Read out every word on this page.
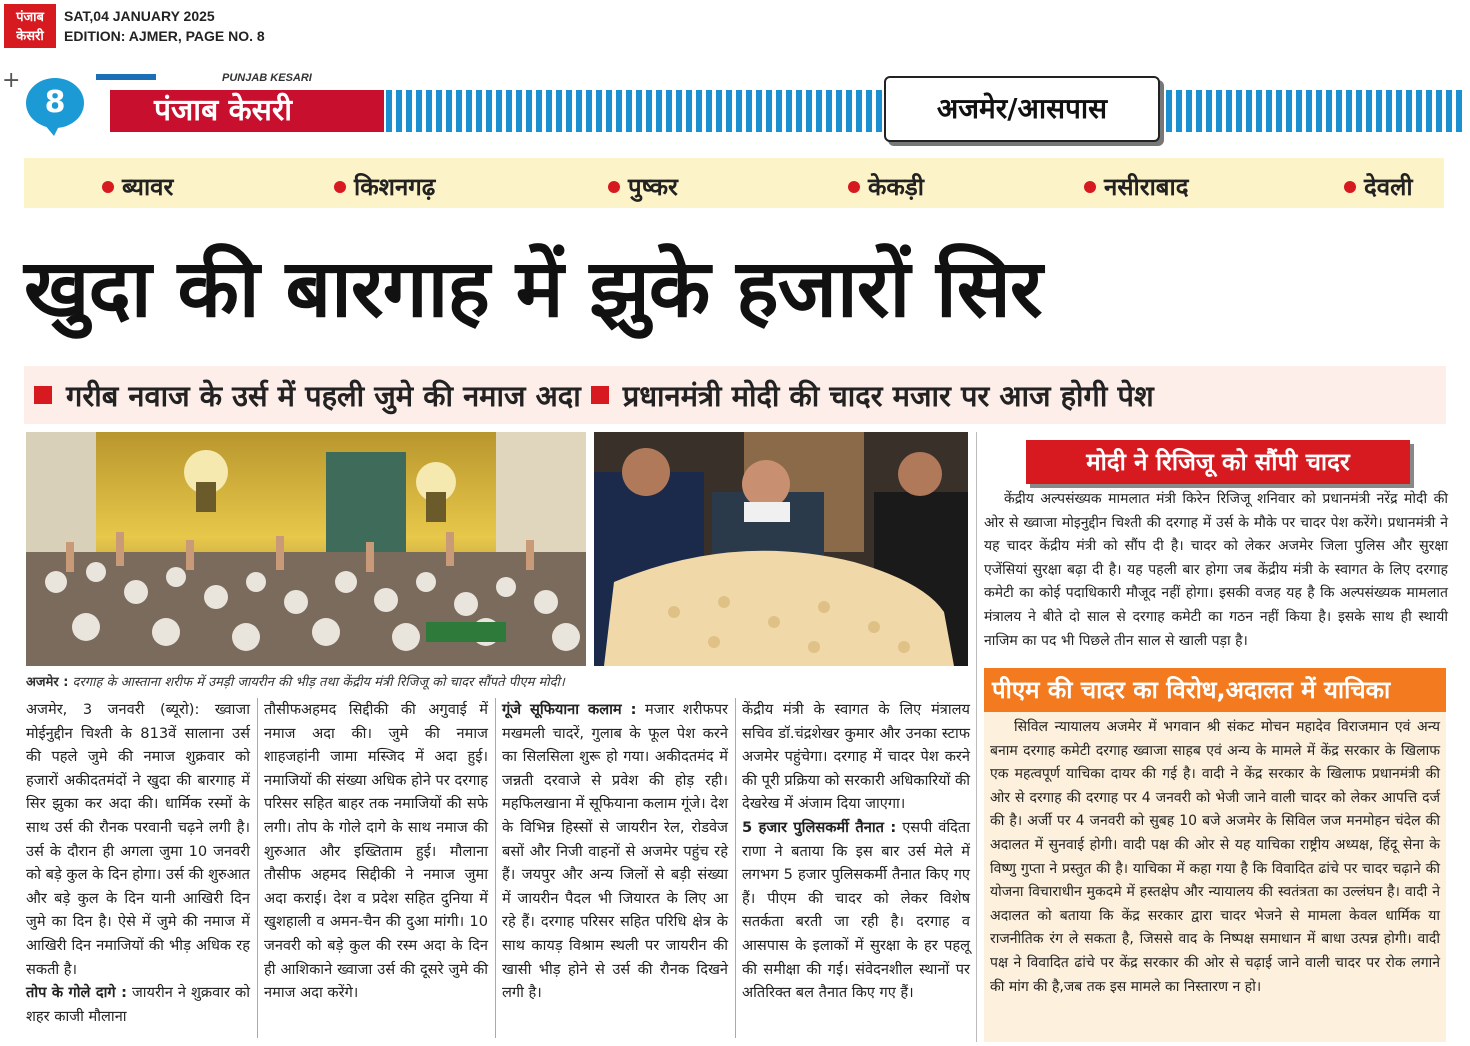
पंजाब
केसरी
SAT,04 JANUARY 2025
EDITION: AJMER, PAGE NO. 8
+
8
PUNJAB KESARI
पंजाब केसरी	अजमेर/आसपास
ब्यावर	किशनगढ़	पुष्कर	केकड़ी	नसीराबाद	देवली
खुदा की बारगाह में झुके हजारों सिर
गरीब नवाज के उर्स में पहली जुमे की नमाज अदा प्रधानमंत्री मोदी की चादर मजार पर आज होगी पेश
अजमेर : दरगाह के आस्ताना शरीफ में उमड़ी जायरीन की भीड़ तथा केंद्रीय मंत्री रिजिजू को चादर सौंपते पीएम मोदी।

अजमेर, 3 जनवरी (ब्यूरो): ख्वाजा मोईनुद्दीन चिश्ती के 813वें सालाना उर्स की पहले जुमे की नमाज शुक्रवार को हजारों अकीदतमंदों ने खुदा की बारगाह में सिर झुका कर अदा की। धार्मिक रस्मों के साथ उर्स की रौनक परवानी चढ़ने लगी है। उर्स के दौरान ही अगला जुमा 10 जनवरी को बड़े कुल के दिन होगा। उर्स की शुरुआत और बड़े कुल के दिन यानी आखिरी दिन जुमे का दिन है। ऐसे में जुमे की नमाज में आखिरी दिन नमाजियों की भीड़ अधिक रह सकती है।

तोप के गोले दागे : जायरीन ने शुक्रवार को शहर काजी मौलाना

तौसीफअहमद सिद्दीकी की अगुवाई में नमाज अदा की। जुमे की नमाज शाहजहांनी जामा मस्जिद में अदा हुई। नमाजियों की संख्या अधिक होने पर दरगाह परिसर सहित बाहर तक नमाजियों की सफे लगी। तोप के गोले दागे के साथ नमाज की शुरुआत और इख्तिताम हुई। मौलाना तौसीफ अहमद सिद्दीकी ने नमाज जुमा अदा कराई। देश व प्रदेश सहित दुनिया में खुशहाली व अमन-चैन की दुआ मांगी। 10 जनवरी को बड़े कुल की रस्म अदा के दिन ही आशिकाने ख्वाजा उर्स की दूसरे जुमे की नमाज अदा करेंगे।

गूंजे सूफियाना कलाम : मजार शरीफपर मखमली चादरें, गुलाब के फूल पेश करने का सिलसिला शुरू हो गया। अकीदतमंद में जन्नती दरवाजे से प्रवेश की होड़ रही। महफिलखाना में सूफियाना कलाम गूंजे। देश के विभिन्न हिस्सों से जायरीन रेल, रोडवेज बसों और निजी वाहनों से अजमेर पहुंच रहे हैं। जयपुर और अन्य जिलों से बड़ी संख्या में जायरीन पैदल भी जियारत के लिए आ रहे हैं। दरगाह परिसर सहित परिधि क्षेत्र के साथ कायड़ विश्राम स्थली पर जायरीन की खासी भीड़ होने से उर्स की रौनक दिखने लगी है।

केंद्रीय मंत्री के स्वागत के लिए मंत्रालय सचिव डॉ.चंद्रशेखर कुमार और उनका स्टाफ अजमेर पहुंचेगा। दरगाह में चादर पेश करने की पूरी प्रक्रिया को सरकारी अधिकारियों की देखरेख में अंजाम दिया जाएगा।

5 हजार पुलिसकर्मी तैनात : एसपी वंदिता राणा ने बताया कि इस बार उर्स मेले में लगभग 5 हजार पुलिसकर्मी तैनात किए गए हैं। पीएम की चादर को लेकर विशेष सतर्कता बरती जा रही है। दरगाह व आसपास के इलाकों में सुरक्षा के हर पहलू की समीक्षा की गई। संवेदनशील स्थानों पर अतिरिक्त बल तैनात किए गए हैं।

मोदी ने रिजिजू को सौंपी चादर
केंद्रीय अल्पसंख्यक मामलात मंत्री किरेन रिजिजू शनिवार को प्रधानमंत्री नरेंद्र मोदी की ओर से ख्वाजा मोइनुद्दीन चिश्ती की दरगाह में उर्स के मौके पर चादर पेश करेंगे। प्रधानमंत्री ने यह चादर केंद्रीय मंत्री को सौंप दी है। चादर को लेकर अजमेर जिला पुलिस और सुरक्षा एजेंसियां सुरक्षा बढ़ा दी है। यह पहली बार होगा जब केंद्रीय मंत्री के स्वागत के लिए दरगाह कमेटी का कोई पदाधिकारी मौजूद नहीं होगा। इसकी वजह यह है कि अल्पसंख्यक मामलात मंत्रालय ने बीते दो साल से दरगाह कमेटी का गठन नहीं किया है। इसके साथ ही स्थायी नाजिम का पद भी पिछले तीन साल से खाली पड़ा है।
पीएम की चादर का विरोध,अदालत में याचिका
सिविल न्यायालय अजमेर में भगवान श्री संकट मोचन महादेव विराजमान एवं अन्य बनाम दरगाह कमेटी दरगाह ख्वाजा साहब एवं अन्य के मामले में केंद्र सरकार के खिलाफ एक महत्वपूर्ण याचिका दायर की गई है। वादी ने केंद्र सरकार के खिलाफ प्रधानमंत्री की ओर से दरगाह की दरगाह पर 4 जनवरी को भेजी जाने वाली चादर को लेकर आपत्ति दर्ज की है। अर्जी पर 4 जनवरी को सुबह 10 बजे अजमेर के सिविल जज मनमोहन चंदेल की अदालत में सुनवाई होगी। वादी पक्ष की ओर से यह याचिका राष्ट्रीय अध्यक्ष, हिंदू सेना के विष्णु गुप्ता ने प्रस्तुत की है। याचिका में कहा गया है कि विवादित ढांचे पर चादर चढ़ाने की योजना विचाराधीन मुकदमे में हस्तक्षेप और न्यायालय की स्वतंत्रता का उल्लंघन है। वादी ने अदालत को बताया कि केंद्र सरकार द्वारा चादर भेजने से मामला केवल धार्मिक या राजनीतिक रंग ले सकता है, जिससे वाद के निष्पक्ष समाधान में बाधा उत्पन्न होगी। वादी पक्ष ने विवादित ढांचे पर केंद्र सरकार की ओर से चढ़ाई जाने वाली चादर पर रोक लगाने की मांग की है,जब तक इस मामले का निस्तारण न हो।
